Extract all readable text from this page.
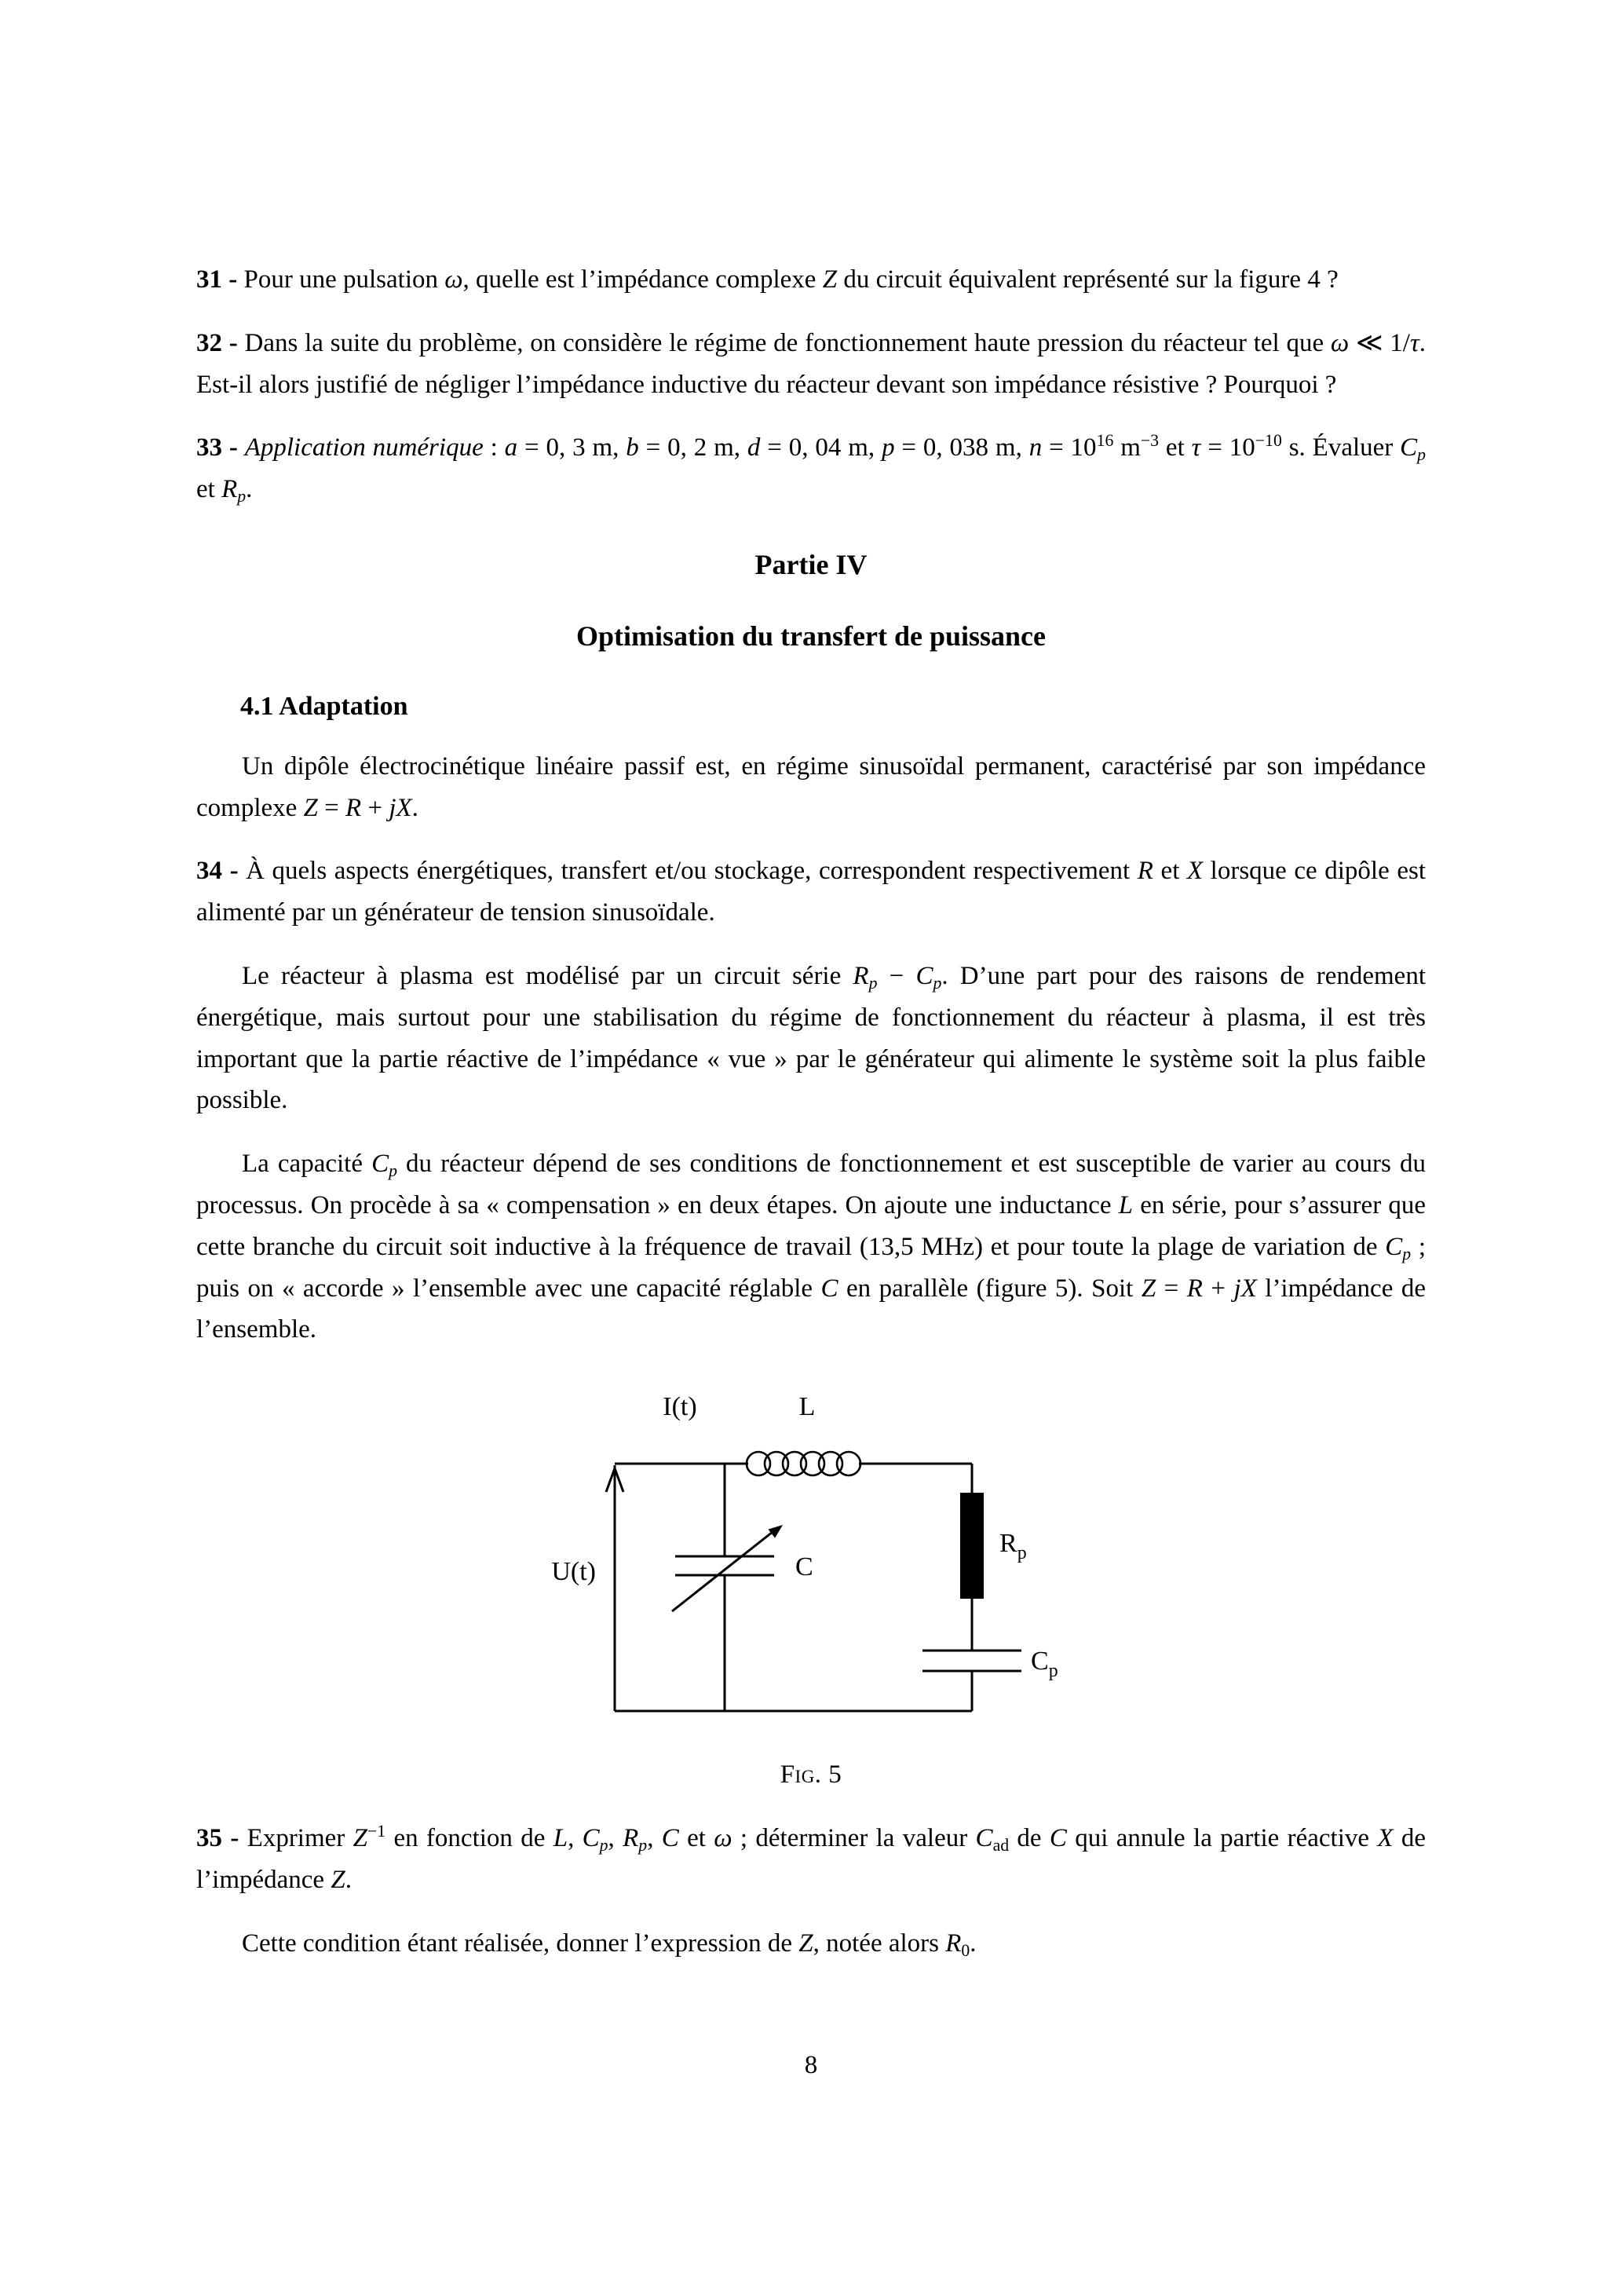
31 - Pour une pulsation ω, quelle est l’impédance complexe Z du circuit équivalent représenté sur la figure 4 ?

32 - Dans la suite du problème, on considère le régime de fonctionnement haute pression du réacteur tel que ω ≪ 1/τ. Est-il alors justifié de négliger l’impédance inductive du réacteur devant son impédance résistive ? Pourquoi ?

33 - Application numérique : a = 0, 3 m, b = 0, 2 m, d = 0, 04 m, p = 0, 038 m, $n = 10^{16}$ $m^{-3}$ et $\tau = 10^{-10}$ s. Évaluer $C_p$ et $R_p$.

Partie IV
Optimisation du transfert de puissance
4.1 Adaptation

Un dipôle électrocinétique linéaire passif est, en régime sinusoïdal permanent, caractérisé par son impédance complexe Z = R + jX.

34 - À quels aspects énergétiques, transfert et/ou stockage, correspondent respectivement R et X lorsque ce dipôle est alimenté par un générateur de tension sinusoïdale.

Le réacteur à plasma est modélisé par un circuit série $R_p - C_p$. D’une part pour des raisons de rendement énergétique, mais surtout pour une stabilisation du régime de fonctionnement du réacteur à plasma, il est très important que la partie réactive de l’impédance « vue » par le générateur qui alimente le système soit la plus faible possible.

La capacité $C_p$ du réacteur dépend de ses conditions de fonctionnement et est susceptible de varier au cours du processus. On procède à sa « compensation » en deux étapes. On ajoute une inductance L en série, pour s’assurer que cette branche du circuit soit inductive à la fréquence de travail (13,5 MHz) et pour toute la plage de variation de $C_p$ ; puis on « accorde » l’ensemble avec une capacité réglable C en parallèle (figure 5). Soit Z = R + jX l’impédance de l’ensemble.

I(t)	L
U(t)	C
$R_p$
$C_p$
Fig. 5

35 - Exprimer $Z^{-1}$ en fonction de L, $C_p$, $R_p$, C et ω ; déterminer la valeur $C_{ad}$ de C qui annule la partie réactive X de l’impédance Z.

Cette condition étant réalisée, donner l’expression de Z, notée alors $R_0$.

8
